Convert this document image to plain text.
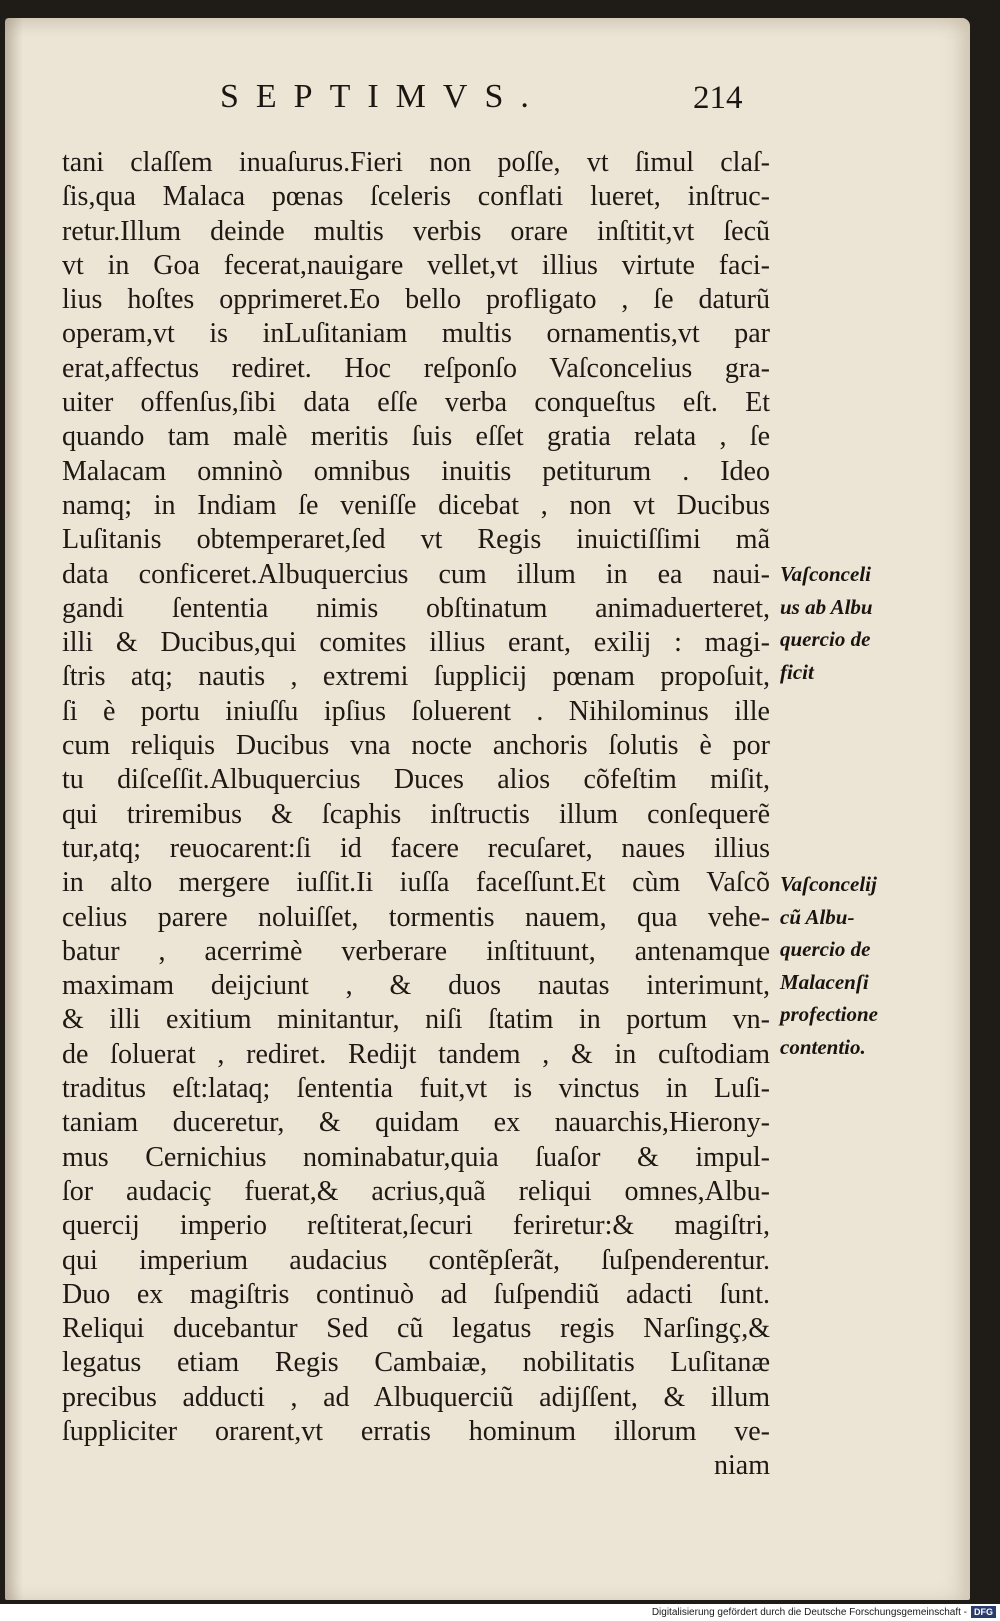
SEPTIMVS.	214
tani claſſem inuaſurus.Fieri non poſſe, vt ſimul claſ-
ſis,qua Malaca pœnas ſceleris conflati lueret, inſtruc-
retur.Illum deinde multis verbis orare inſtitit,vt ſecũ
vt in Goa fecerat,nauigare vellet,vt illius virtute faci-
lius hoſtes opprimeret.Eo bello profligato , ſe daturũ
operam,vt is inLuſitaniam multis ornamentis,vt par
erat,affectus rediret. Hoc reſponſo Vaſconcelius gra-
uiter offenſus,ſibi data eſſe verba conqueſtus eſt. Et
quando tam malè meritis ſuis eſſet gratia relata , ſe
Malacam omninò omnibus inuitis petiturum . Ideo
namq; in Indiam ſe veniſſe dicebat , non vt Ducibus
Luſitanis obtemperaret,ſed vt Regis inuictiſſimi mã
data conficeret.Albuquercius cum illum in ea naui-
gandi ſententia nimis obſtinatum animaduerteret,
illi & Ducibus,qui comites illius erant, exilij : magi-
ſtris atq; nautis , extremi ſupplicij pœnam propoſuit,
ſi è portu iniuſſu ipſius ſoluerent . Nihilominus ille
cum reliquis Ducibus vna nocte anchoris ſolutis è por
tu diſceſſit.Albuquercius Duces alios cõfeſtim miſit,
qui triremibus & ſcaphis inſtructis illum conſequerẽ
tur,atq; reuocarent:ſi id facere recuſaret, naues illius
in alto mergere iuſſit.Ii iuſſa faceſſunt.Et cùm Vaſcõ
celius parere noluiſſet, tormentis nauem, qua vehe-
batur , acerrimè verberare inſtituunt, antenamque
maximam deijciunt , & duos nautas interimunt,
& illi exitium minitantur, niſi ſtatim in portum vn-
de ſoluerat , rediret. Redijt tandem , & in cuſtodiam
traditus eſt:lataq; ſententia fuit,vt is vinctus in Luſi-
taniam duceretur, & quidam ex nauarchis,Hierony-
mus Cernichius nominabatur,quia ſuaſor & impul-
ſor audaciç fuerat,& acrius,quã reliqui omnes,Albu-
quercij imperio reſtiterat,ſecuri feriretur:& magiſtri,
qui imperium audacius contẽpſerãt, ſuſpenderentur.
Duo ex magiſtris continuò ad ſuſpendiũ adacti ſunt.
Reliqui ducebantur Sed cũ legatus regis Narſingç,&
legatus etiam Regis Cambaiæ, nobilitatis Luſitanæ
precibus adducti , ad Albuquerciũ adijſſent, & illum
ſuppliciter orarent,vt erratis hominum illorum ve-
niam
Vaſconceli
us ab Albu
quercio de
ficit
Vaſconcelij
cũ Albu-
quercio de
Malacenſi
profectione
contentio.
Digitalisierung gefördert durch die Deutsche Forschungsgemeinschaft - DFG
